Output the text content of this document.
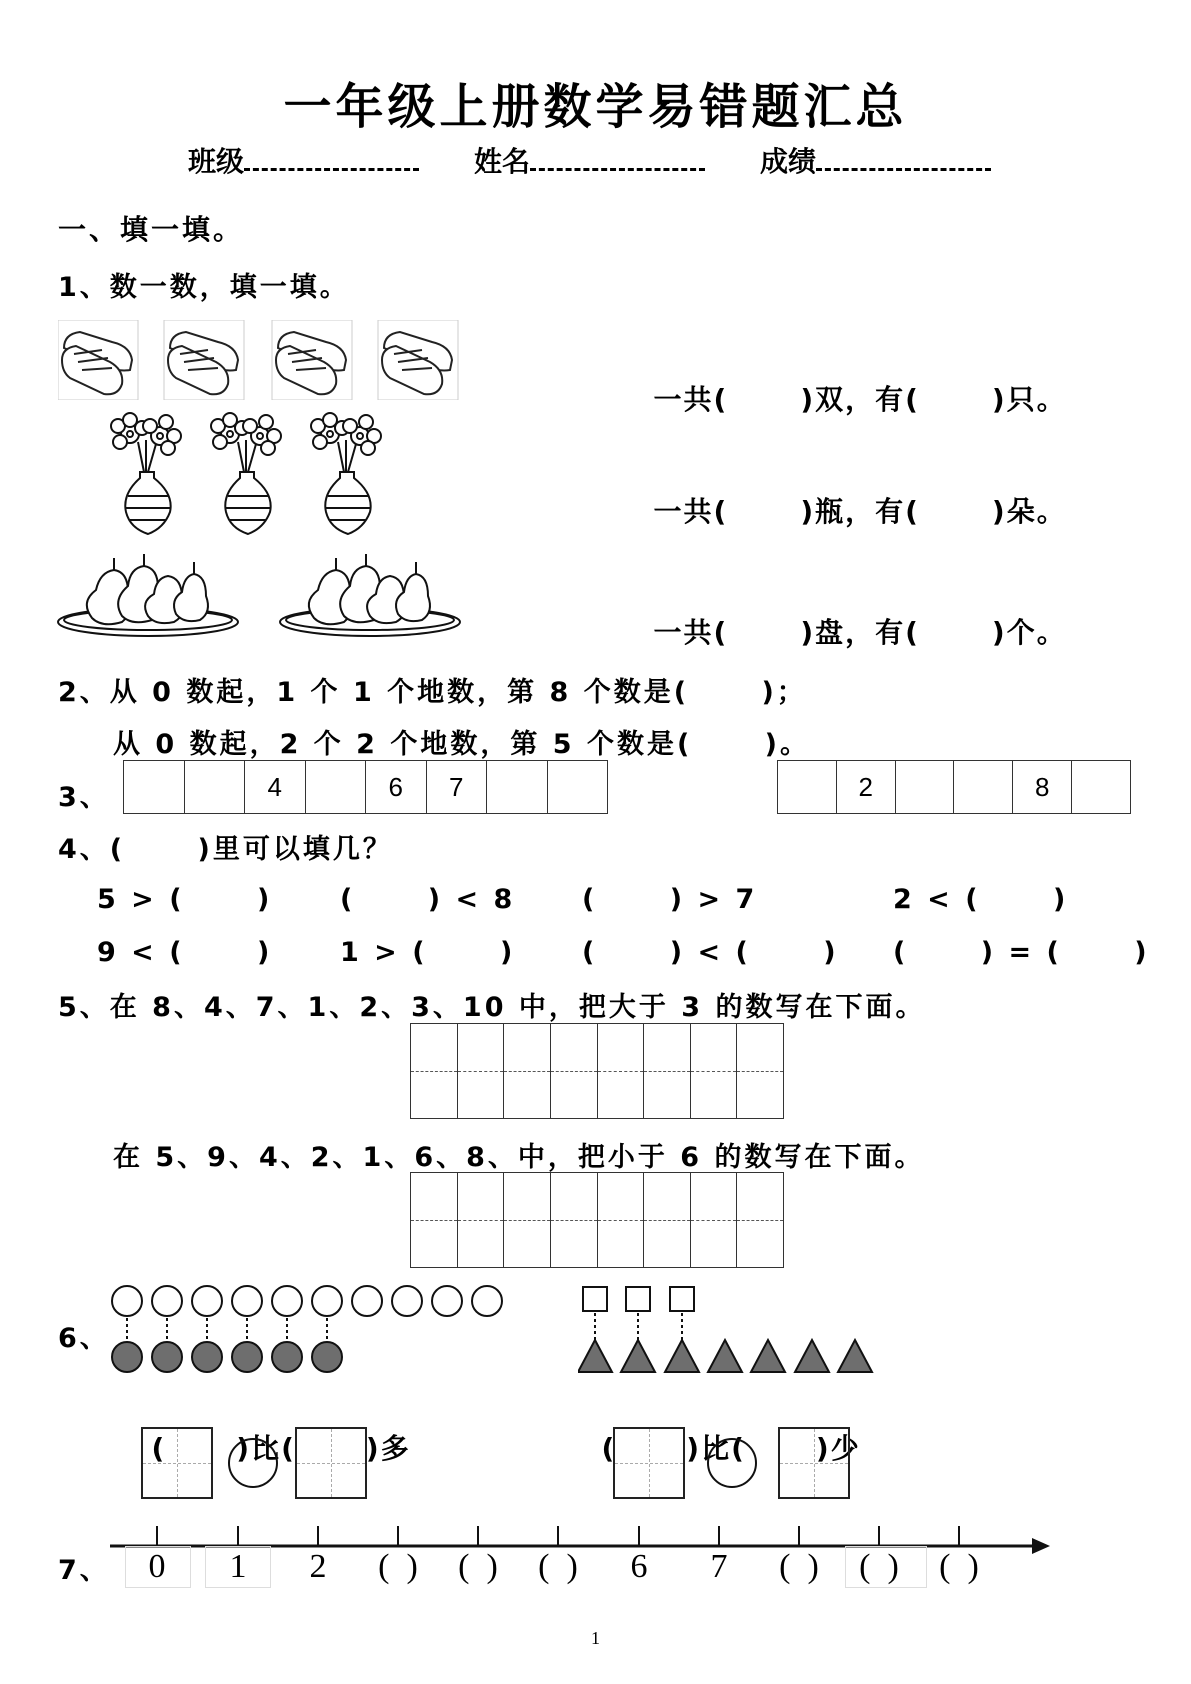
一年级上册数学易错题汇总
班级	姓名	成绩
一、填一填。
1、数一数，填一填。

一共(	)双，有(	)只。

一共(	)瓶，有(	)朵。

一共(	)盘，有(	)个。

2、从 0 数起，1 个 1 个地数，第 8 个数是(　　 )；
从 0 数起，2 个 2 个地数，第 5 个数是(　　 )。
3、	4	6	7	2	8
4、(　　 )里可以填几？
5 > (　　 )	(　　 ) < 8 (　　 ) > 7	2 < (　　 )
9 < (　　 )	1 > (　　 ) (　　 ) < (　　 ) (　　 ) = (　　 )
5、在 8、4、7、1、2、3、10 中，把大于 3 的数写在下面。
在 5、9、4、2、1、6、8、中，把小于 6 的数写在下面。
6、

(	)比(	)多	(	)比(	)少

7、	0	1	2	(  ) (  ) (  )	6	7	(  ) (  ) (  )
1
